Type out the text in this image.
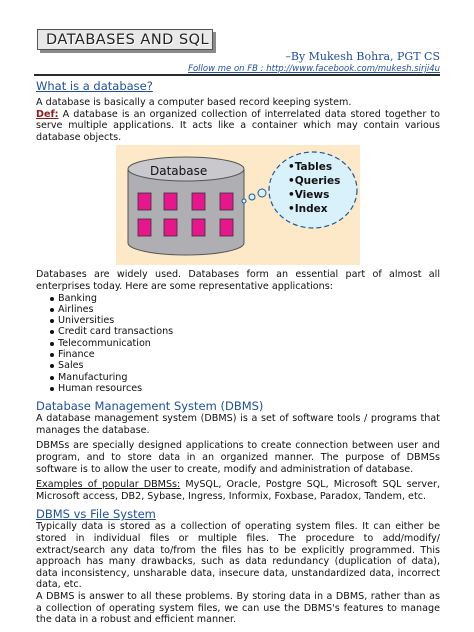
DATABASES AND SQL
–By Mukesh Bohra, PGT CS
Follow me on FB : http://www.facebook.com/mukesh.sirji4u
What is a database?

A database is basically a computer based record keeping system.

Def: A database is an organized collection of interrelated data stored together to serve multiple applications. It acts like a container which may contain various database objects.

Database	•Tables
•Queries
•Views
•Index

Databases are widely used. Databases form an essential part of almost all enterprises today. Here are some representative applications:

Banking
Airlines
Universities
Credit card transactions
Telecommunication
Finance
Sales
Manufacturing
Human resources
Database Management System (DBMS)

A database management system (DBMS) is a set of software tools / programs that manages the database.

DBMSs are specially designed applications to create connection between user and program, and to store data in an organized manner. The purpose of DBMSs software is to allow the user to create, modify and administration of database.

Examples of popular DBMSs: MySQL, Oracle, Postgre SQL, Microsoft SQL server, Microsoft access, DB2, Sybase, Ingress, Informix, Foxbase, Paradox, Tandem, etc.

DBMS vs File System

Typically data is stored as a collection of operating system files. It can either be stored in individual files or multiple files. The procedure to add/modify/ extract/search any data to/from the files has to be explicitly programmed. This approach has many drawbacks, such as data redundancy (duplication of data), data inconsistency, unsharable data, insecure data, unstandardized data, incorrect data, etc.

A DBMS is answer to all these problems. By storing data in a DBMS, rather than as a collection of operating system files, we can use the DBMS's features to manage the data in a robust and efficient manner.
